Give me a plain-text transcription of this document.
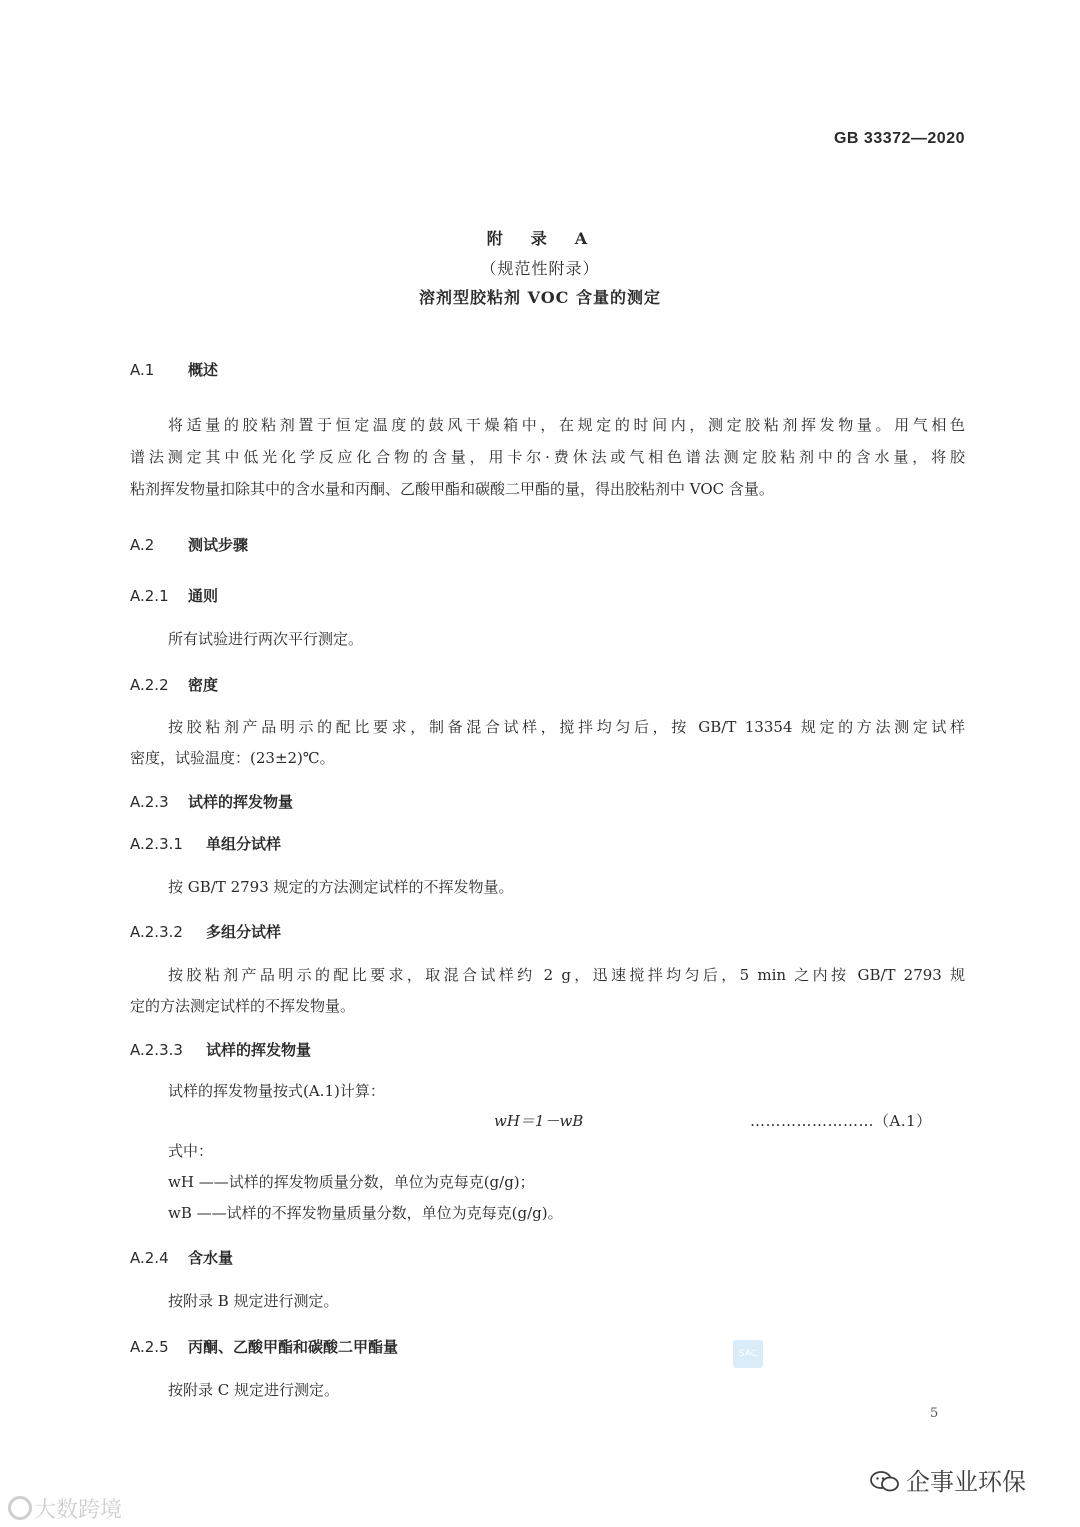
GB 33372—2020
附　录　A
（规范性附录）
溶剂型胶粘剂 VOC 含量的测定
A.1 概述
将适量的胶粘剂置于恒定温度的鼓风干燥箱中，在规定的时间内，测定胶粘剂挥发物量。用气相色
谱法测定其中低光化学反应化合物的含量，用卡尔·费休法或气相色谱法测定胶粘剂中的含水量，将胶
粘剂挥发物量扣除其中的含水量和丙酮、乙酸甲酯和碳酸二甲酯的量，得出胶粘剂中 VOC 含量。
A.2 测试步骤
A.2.1 通则
所有试验进行两次平行测定。
A.2.2 密度
按胶粘剂产品明示的配比要求，制备混合试样，搅拌均匀后，按 GB/T 13354 规定的方法测定试样
密度，试验温度：(23±2)℃。
A.2.3 试样的挥发物量
A.2.3.1 单组分试样
按 GB/T 2793 规定的方法测定试样的不挥发物量。
A.2.3.2 多组分试样
按胶粘剂产品明示的配比要求，取混合试样约 2 g，迅速搅拌均匀后，5 min 之内按 GB/T 2793 规
定的方法测定试样的不挥发物量。
A.2.3.3 试样的挥发物量
试样的挥发物量按式(A.1)计算：
wH＝1－wB	……………………（A.1）
式中：
wH ——试样的挥发物质量分数，单位为克每克(g/g)；
wB ——试样的不挥发物量质量分数，单位为克每克(g/g)。
A.2.4 含水量
按附录 B 规定进行测定。
A.2.5 丙酮、乙酸甲酯和碳酸二甲酯量	SAC
按附录 C 规定进行测定。
5
企事业环保
大数跨境
